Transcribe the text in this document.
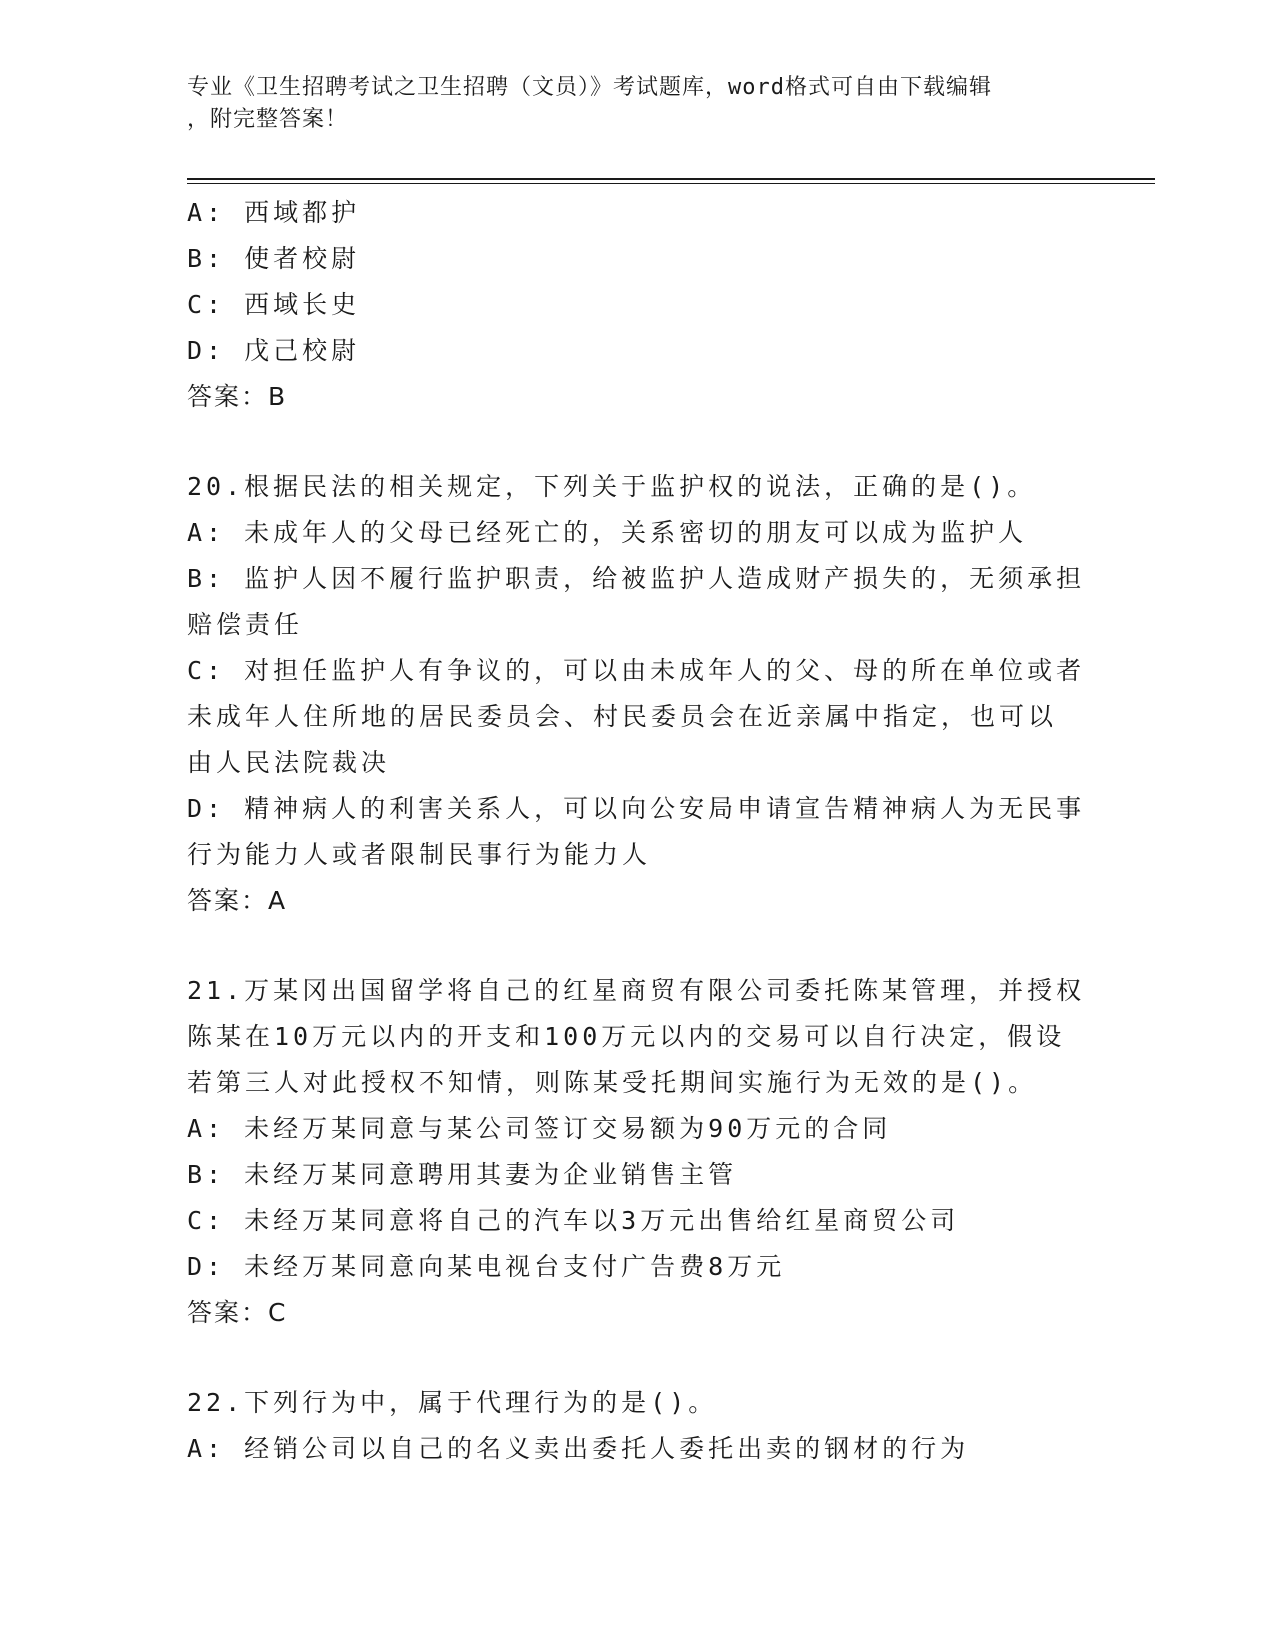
专业《卫生招聘考试之卫生招聘（文员）》考试题库，word格式可自由下载编辑

，附完整答案！

A: 西域都护

B: 使者校尉

C: 西域长史

D: 戊己校尉

答案：B

20.根据民法的相关规定，下列关于监护权的说法，正确的是()。

A: 未成年人的父母已经死亡的，关系密切的朋友可以成为监护人

B: 监护人因不履行监护职责，给被监护人造成财产损失的，无须承担

赔偿责任

C: 对担任监护人有争议的，可以由未成年人的父、母的所在单位或者

未成年人住所地的居民委员会、村民委员会在近亲属中指定，也可以

由人民法院裁决

D: 精神病人的利害关系人，可以向公安局申请宣告精神病人为无民事

行为能力人或者限制民事行为能力人

答案：A

21.万某冈出国留学将自己的红星商贸有限公司委托陈某管理，并授权

陈某在10万元以内的开支和100万元以内的交易可以自行决定，假设

若第三人对此授权不知情，则陈某受托期间实施行为无效的是()。

A: 未经万某同意与某公司签订交易额为90万元的合同

B: 未经万某同意聘用其妻为企业销售主管

C: 未经万某同意将自己的汽车以3万元出售给红星商贸公司

D: 未经万某同意向某电视台支付广告费8万元

答案：C

22.下列行为中，属于代理行为的是()。

A: 经销公司以自己的名义卖出委托人委托出卖的钢材的行为
